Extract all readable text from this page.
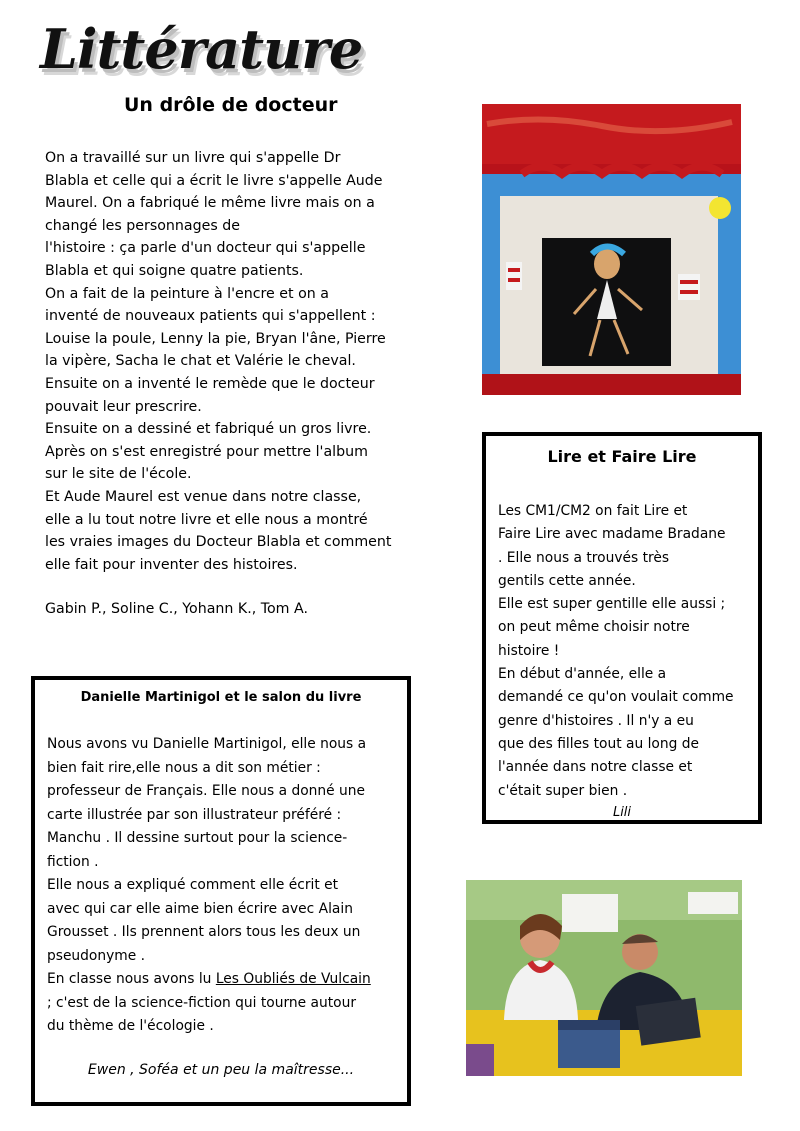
Littérature
Un drôle de docteur

On a travaillé sur un livre qui s'appelle Dr

Blabla et celle qui a écrit le livre s'appelle Aude

Maurel. On a fabriqué le même livre mais on a

changé les personnages de

l'histoire : ça parle d'un docteur qui s'appelle

Blabla et qui soigne quatre patients.

On a fait de la peinture à l'encre et on a

inventé de nouveaux patients qui s'appellent :

Louise la poule, Lenny la pie, Bryan l'âne, Pierre

la vipère, Sacha le chat et Valérie le cheval.

Ensuite on a inventé le remède que le docteur

pouvait leur prescrire.

Ensuite on a dessiné et fabriqué un gros livre.

Après on s'est enregistré pour mettre l'album

sur le site de l'école.

Et Aude Maurel est venue dans notre classe,

elle a lu tout notre livre et elle nous a montré

les vraies images du Docteur Blabla et comment

elle fait pour inventer des histoires.

Gabin P., Soline C., Yohann K., Tom A.

Lire et Faire Lire

Les CM1/CM2 on fait Lire et

Faire Lire avec madame Bradane

. Elle nous a trouvés très

gentils cette année.

Elle est super gentille elle aussi ;

on peut même choisir notre

histoire !

En début d'année, elle a

demandé ce qu'on voulait comme

genre d'histoires . Il n'y a eu

que des filles tout au long de

l'année dans notre classe et

c'était super bien .

Lili

Danielle Martinigol et le salon du livre

Nous avons vu Danielle Martinigol, elle nous a

bien fait rire,elle nous a dit son métier :

professeur de Français. Elle nous a donné une

carte illustrée par son illustrateur préféré :

Manchu . Il dessine surtout pour la science-

fiction .

Elle nous a expliqué comment elle écrit et

avec qui car elle aime bien écrire avec Alain

Grousset . Ils prennent alors tous les deux un

pseudonyme .

En classe nous avons lu Les Oubliés de Vulcain

; c'est de la science-fiction qui tourne autour

du thème de l'écologie .

Ewen , Soféa et un peu la maîtresse...
